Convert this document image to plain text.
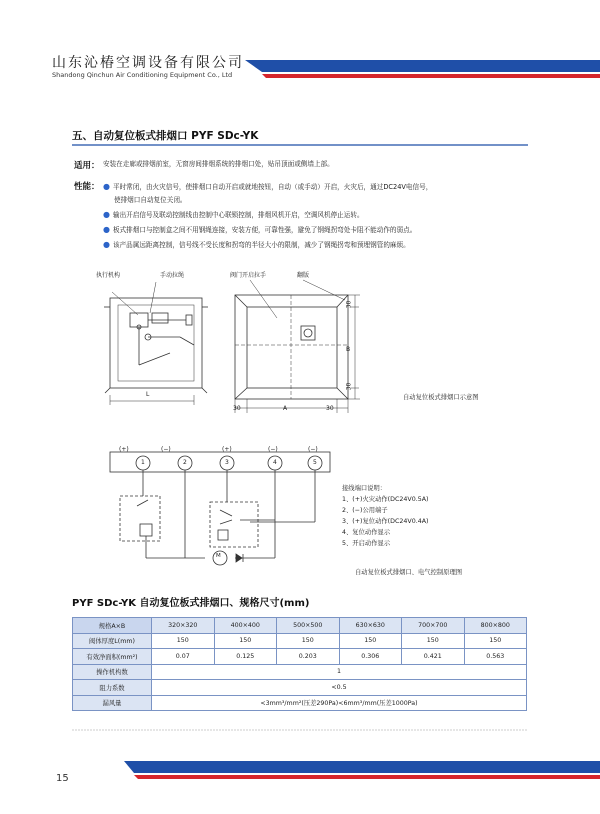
山东沁椿空调设备有限公司
Shandong Qinchun Air Conditioning Equipment Co., Ltd
五、自动复位板式排烟口 PYF SDc-YK
适用： 安装在走廊或排烟前室，无窗房间排烟系统的排烟口处，贴吊顶面或侧墙上部。
性能： ● 平时常闭，由火灾信号，使排烟口自动开启或就地按钮，自动（或手动）开启，火灾后，通过DC24V电信号，
使排烟口自动复位关闭。
● 输出开启信号及联动控制线由控制中心联锁控制，排烟风机开启，空调风机停止运转。
● 板式排烟口与控制盒之间不用钢绳连接，安装方便，可靠性强，避免了钢绳拐弯处卡阻不能动作的弱点。
● 该产品属远距离控制，信号线不受长度和拐弯的半径大小的限制，减少了钢绳拐弯和预埋钢管的麻烦。
执行机构	手动拉绳
L
阀门开启拉手	翻版
30
B
30
30	A	30
自动复位板式排烟口示意图
(+)	(−)	(+)	(−)	(−)
1	2	3	4	5
M
接线端口说明：
1、(+)火灾动作(DC24V0.5A)
2、(−)公用端子
3、(+)复位动作(DC24V0.4A)
4、复位动作显示
5、开启动作显示
自动复位板式排烟口、电气控制原理图
PYF SDc-YK 自动复位板式排烟口、规格尺寸(mm)
规格A×B	320×320	400×400	500×500	630×630	700×700	800×800
阀体厚度L(mm)	150	150	150	150	150	150
有效净面积(mm²)	0.07	0.125	0.203	0.306	0.421	0.563
操作机构数	1					
阻力系数	<0.5					
漏风量	<3mm³/mm²(压差290Pa)<6mm³/mm(压差1000Pa)					
15
